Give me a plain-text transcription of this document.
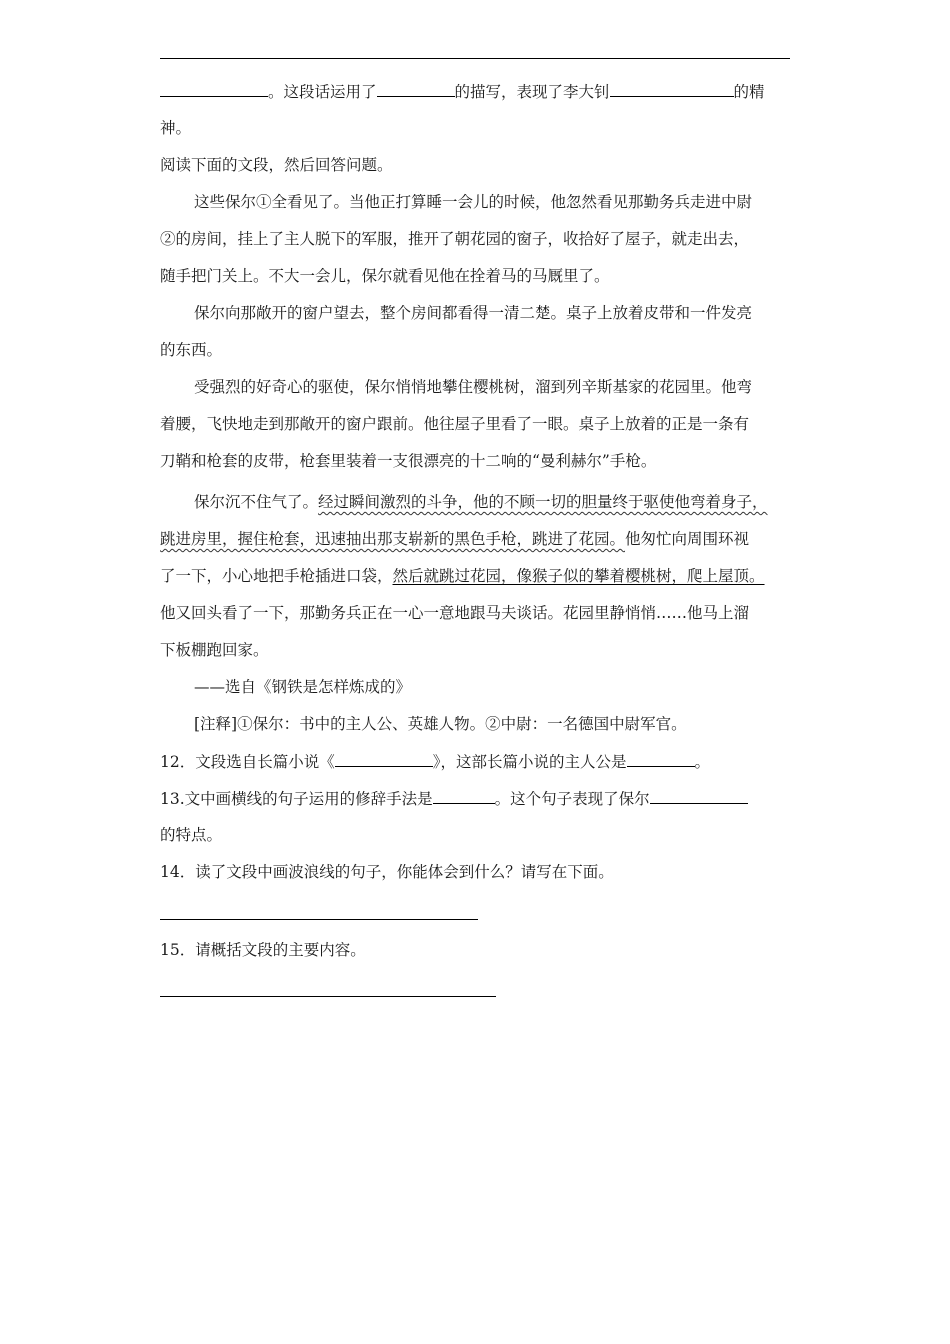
。这段话运用了	的描写，表现了李大钊	的精
神。
阅读下面的文段，然后回答问题。
这些保尔①全看见了。当他正打算睡一会儿的时候，他忽然看见那勤务兵走进中尉
②的房间，挂上了主人脱下的军服，推开了朝花园的窗子，收拾好了屋子，就走出去，
随手把门关上。不大一会儿，保尔就看见他在拴着马的马厩里了。
保尔向那敞开的窗户望去，整个房间都看得一清二楚。桌子上放着皮带和一件发亮
的东西。
受强烈的好奇心的驱使，保尔悄悄地攀住樱桃树，溜到列辛斯基家的花园里。他弯
着腰，飞快地走到那敞开的窗户跟前。他往屋子里看了一眼。桌子上放着的正是一条有
刀鞘和枪套的皮带，枪套里装着一支很漂亮的十二响的“曼利赫尔”手枪。
保尔沉不住气了。经过瞬间激烈的斗争，他的不顾一切的胆量终于驱使他弯着身子，
跳进房里，握住枪套，迅速抽出那支崭新的黑色手枪，跳进了花园。他匆忙向周围环视
了一下，小心地把手枪插进口袋，然后就跳过花园，像猴子似的攀着樱桃树，爬上屋顶。
他又回头看了一下，那勤务兵正在一心一意地跟马夫谈话。花园里静悄悄……他马上溜
下板棚跑回家。
——选自《钢铁是怎样炼成的》
[注释]①保尔：书中的主人公、英雄人物。②中尉：一名德国中尉军官。
12．文段选自长篇小说《	》，这部长篇小说的主人公是	。
13.文中画横线的句子运用的修辞手法是	。这个句子表现了保尔
的特点。
14．读了文段中画波浪线的句子，你能体会到什么？请写在下面。
15．请概括文段的主要内容。
